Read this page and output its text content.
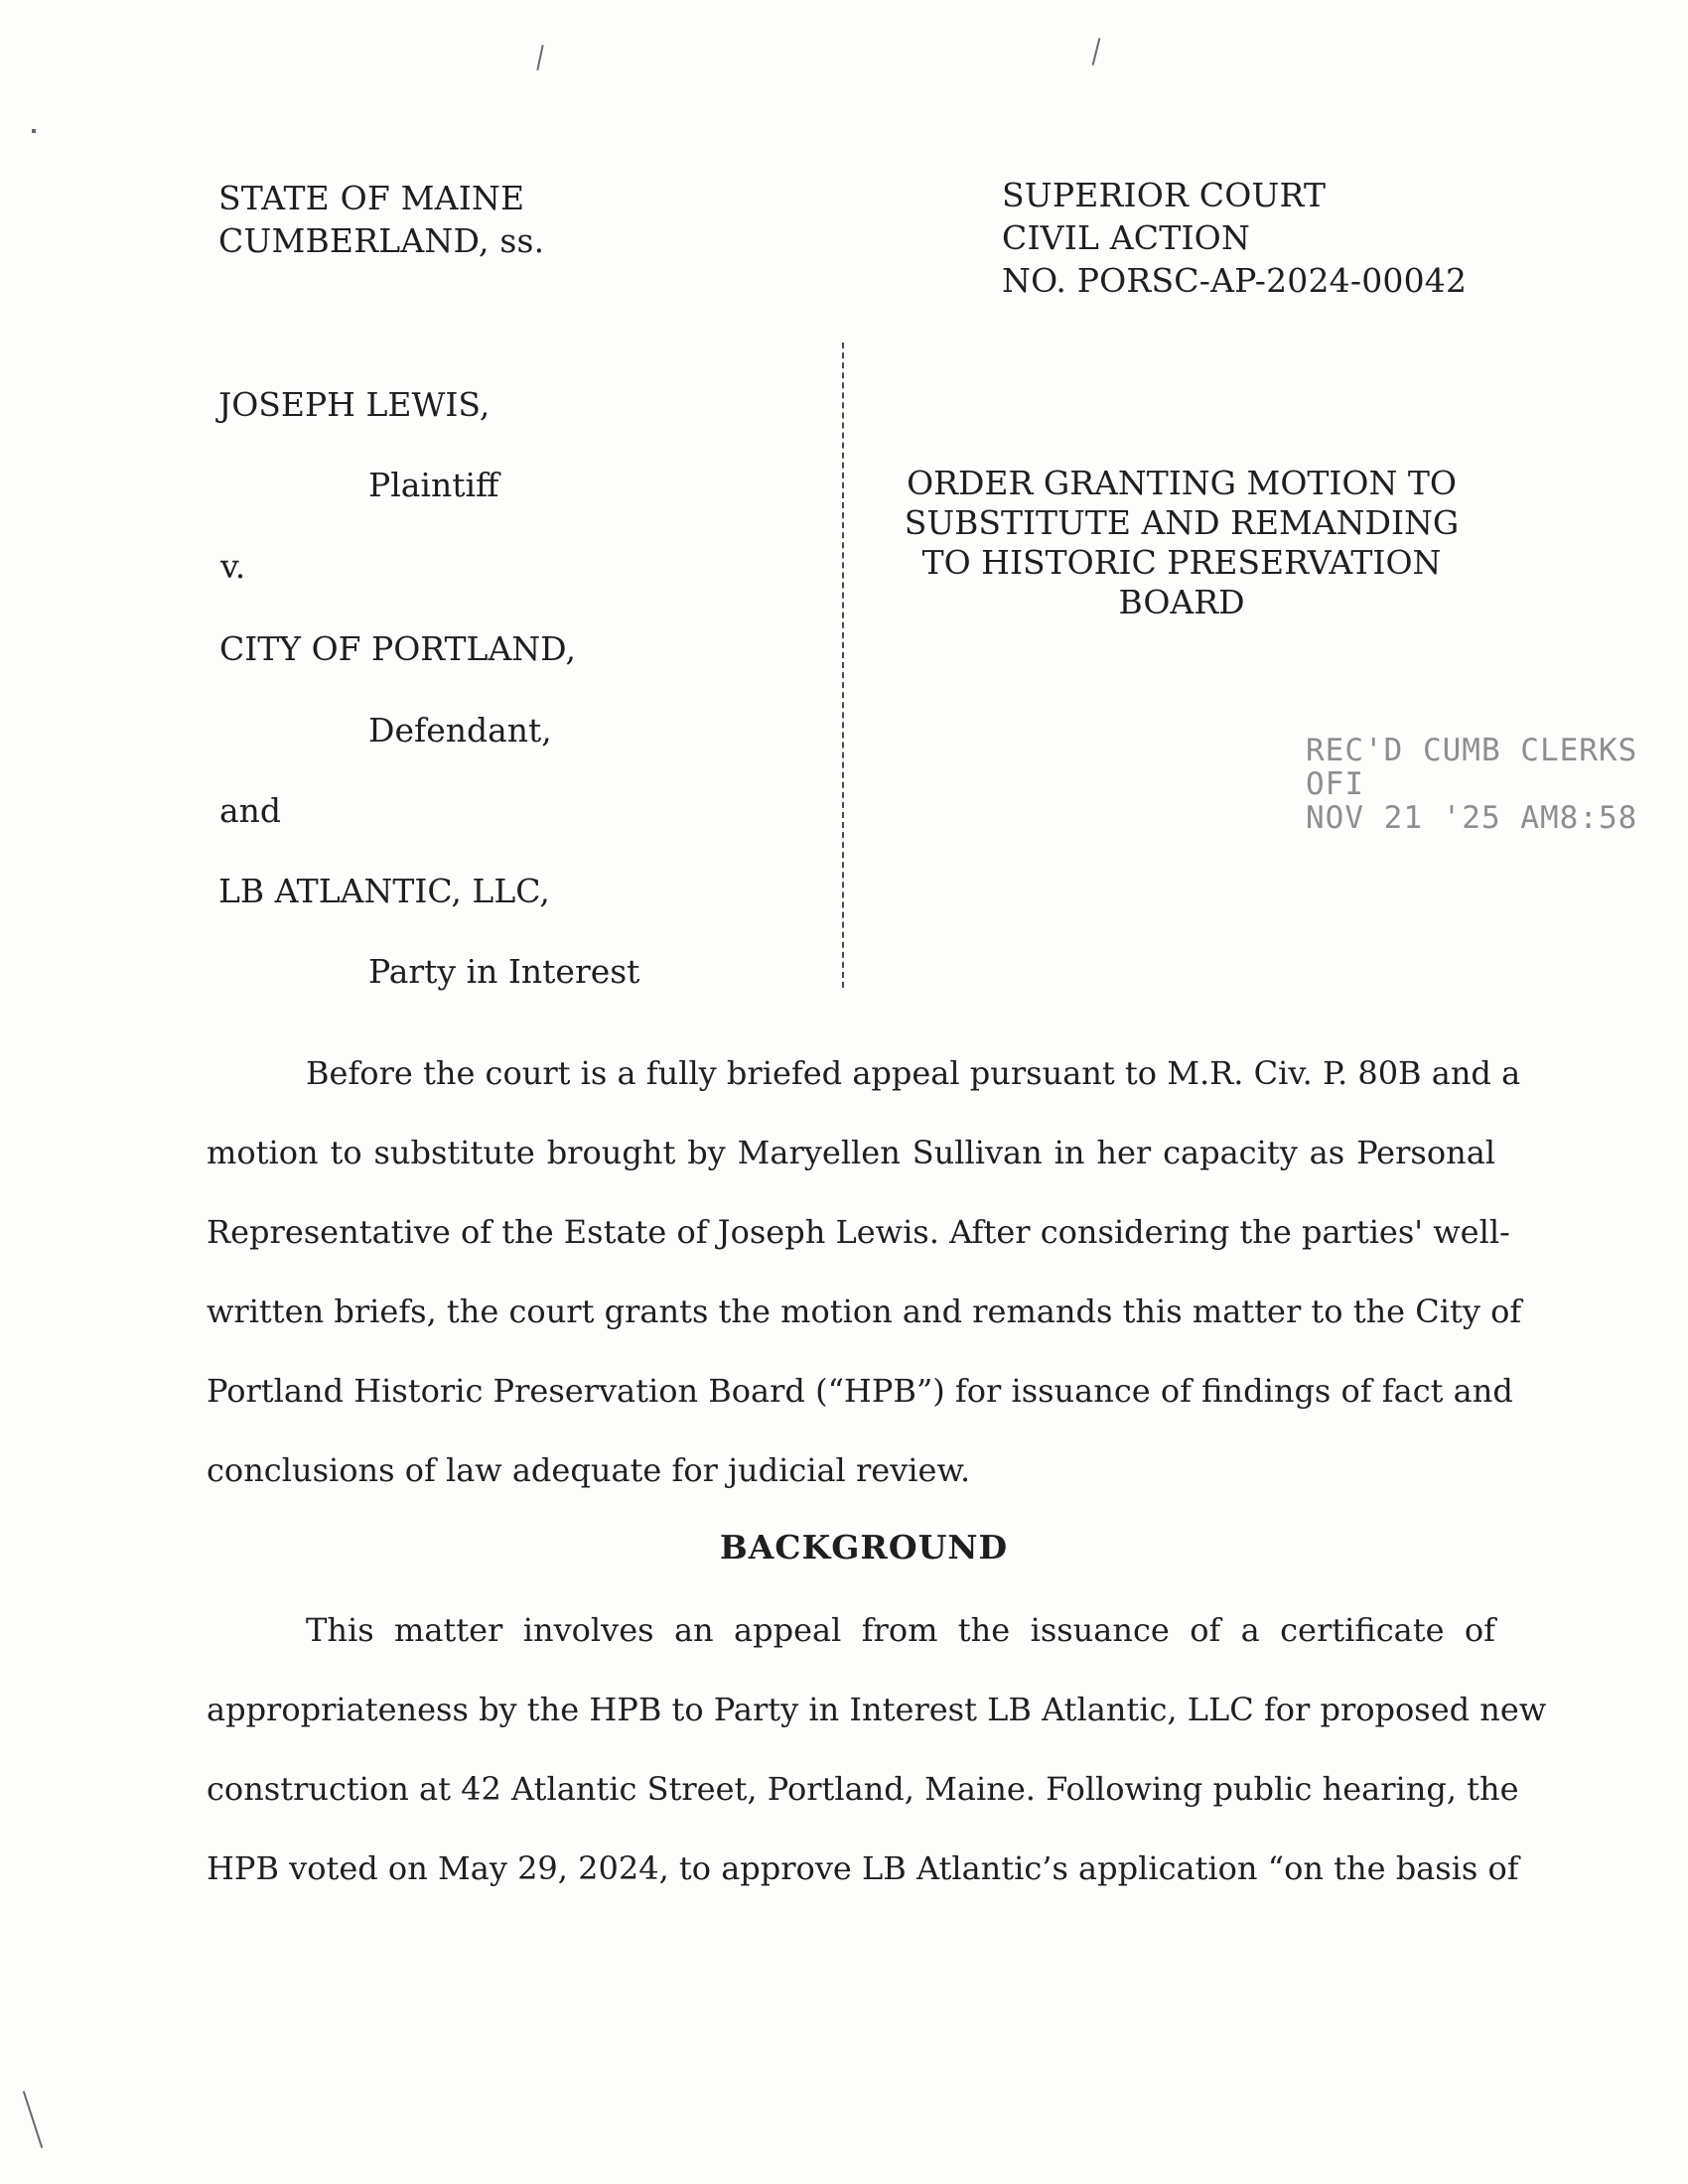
STATE OF MAINE
CUMBERLAND, ss.
SUPERIOR COURT
CIVIL ACTION
NO. PORSC-AP-2024-00042
JOSEPH LEWIS,
Plaintiff
v.
CITY OF PORTLAND,
Defendant,
and
LB ATLANTIC, LLC,
Party in Interest
ORDER GRANTING MOTION TO
SUBSTITUTE AND REMANDING
TO HISTORIC PRESERVATION
BOARD
REC'D CUMB CLERKS OFI
NOV 21 '25 AM8:58
Before the court is a fully briefed appeal pursuant to M.R. Civ. P. 80B and a
motion to substitute brought by Maryellen Sullivan in her capacity as Personal
Representative of the Estate of Joseph Lewis. After considering the parties' well-
written briefs, the court grants the motion and remands this matter to the City of
Portland Historic Preservation Board (“HPB”) for issuance of findings of fact and
conclusions of law adequate for judicial review.
BACKGROUND
This matter involves an appeal from the issuance of a certificate of
appropriateness by the HPB to Party in Interest LB Atlantic, LLC for proposed new
construction at 42 Atlantic Street, Portland, Maine. Following public hearing, the
HPB voted on May 29, 2024, to approve LB Atlantic’s application “on the basis of
